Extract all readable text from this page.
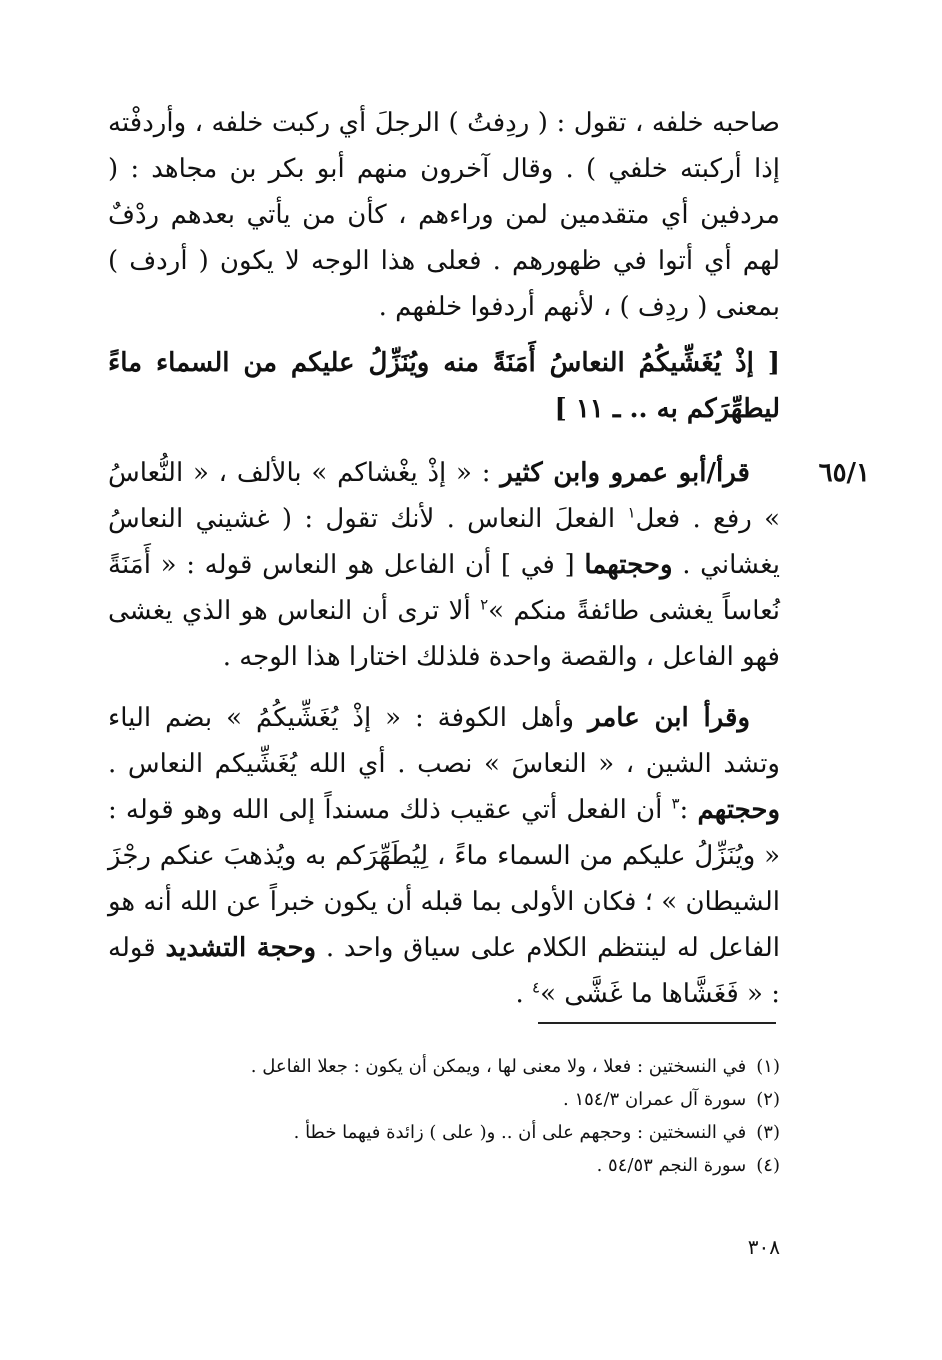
صاحبه خلفه ، تقول : ( ردِفتُ ) الرجلَ أي ركبت خلفه ، وأردفْته إذا أركبته خلفي ) . وقال آخرون منهم أبو بكر بن مجاهد : ( مردفين أي متقدمين لمن وراءهم ، كأن من يأتي بعدهم ردْفٌ لهم أي أتوا في ظهورهم . فعلى هذا الوجه لا يكون ( أردف ) بمعنى ( ردِف ) ، لأنهم أردفوا خلفهم .
[ إذْ يُغَشِّيكُمُ النعاسُ أَمَنَةً منه ويُنَزِّلُ عليكم من السماء ماءً ليطهِّرَكم به .. ـ ١١ ]
٦٥/١
قرأ/أبو عمرو وابن كثير : « إذْ يغْشاكم » بالألف ، « النُّعاسُ » رفع . فعل$^١$ الفعلَ النعاس . لأنك تقول : ( غشيني النعاسُ يغشاني . وحجتهما [ في ] أن الفاعل هو النعاس قوله : « أَمَنَةً نُعاساً يغشى طائفةً منكم »$^٢$ ألا ترى أن النعاس هو الذي يغشى فهو الفاعل ، والقصة واحدة فلذلك اختارا هذا الوجه .
وقرأ ابن عامر وأهل الكوفة : « إذْ يُغَشِّيكُمُ » بضم الياء وتشد الشين ، « النعاسَ » نصب . أي الله يُغَشِّيكم النعاس . وحجتهم :$^٣$ أن الفعل أتي عقيب ذلك مسنداً إلى الله وهو قوله : « ويُنَزِّلُ عليكم من السماء ماءً ، لِيُطَهِّرَكم به ويُذهبَ عنكم رجْزَ الشيطان » ؛ فكان الأولى بما قبله أن يكون خبراً عن الله أنه هو الفاعل له لينتظم الكلام على سياق واحد . وحجة التشديد قوله : « فَغَشَّاها ما غَشَّى »$^٤$ .
(١)في النسختين : فعلا ، ولا معنى لها ، ويمكن أن يكون : جعلا الفاعل .
(٢)سورة آل عمران ١٥٤/٣ .
(٣)في النسختين : وحجهم على أن .. و( على ) زائدة فيهما خطأ .
(٤)سورة النجم ٥٤/٥٣ .
٣٠٨
